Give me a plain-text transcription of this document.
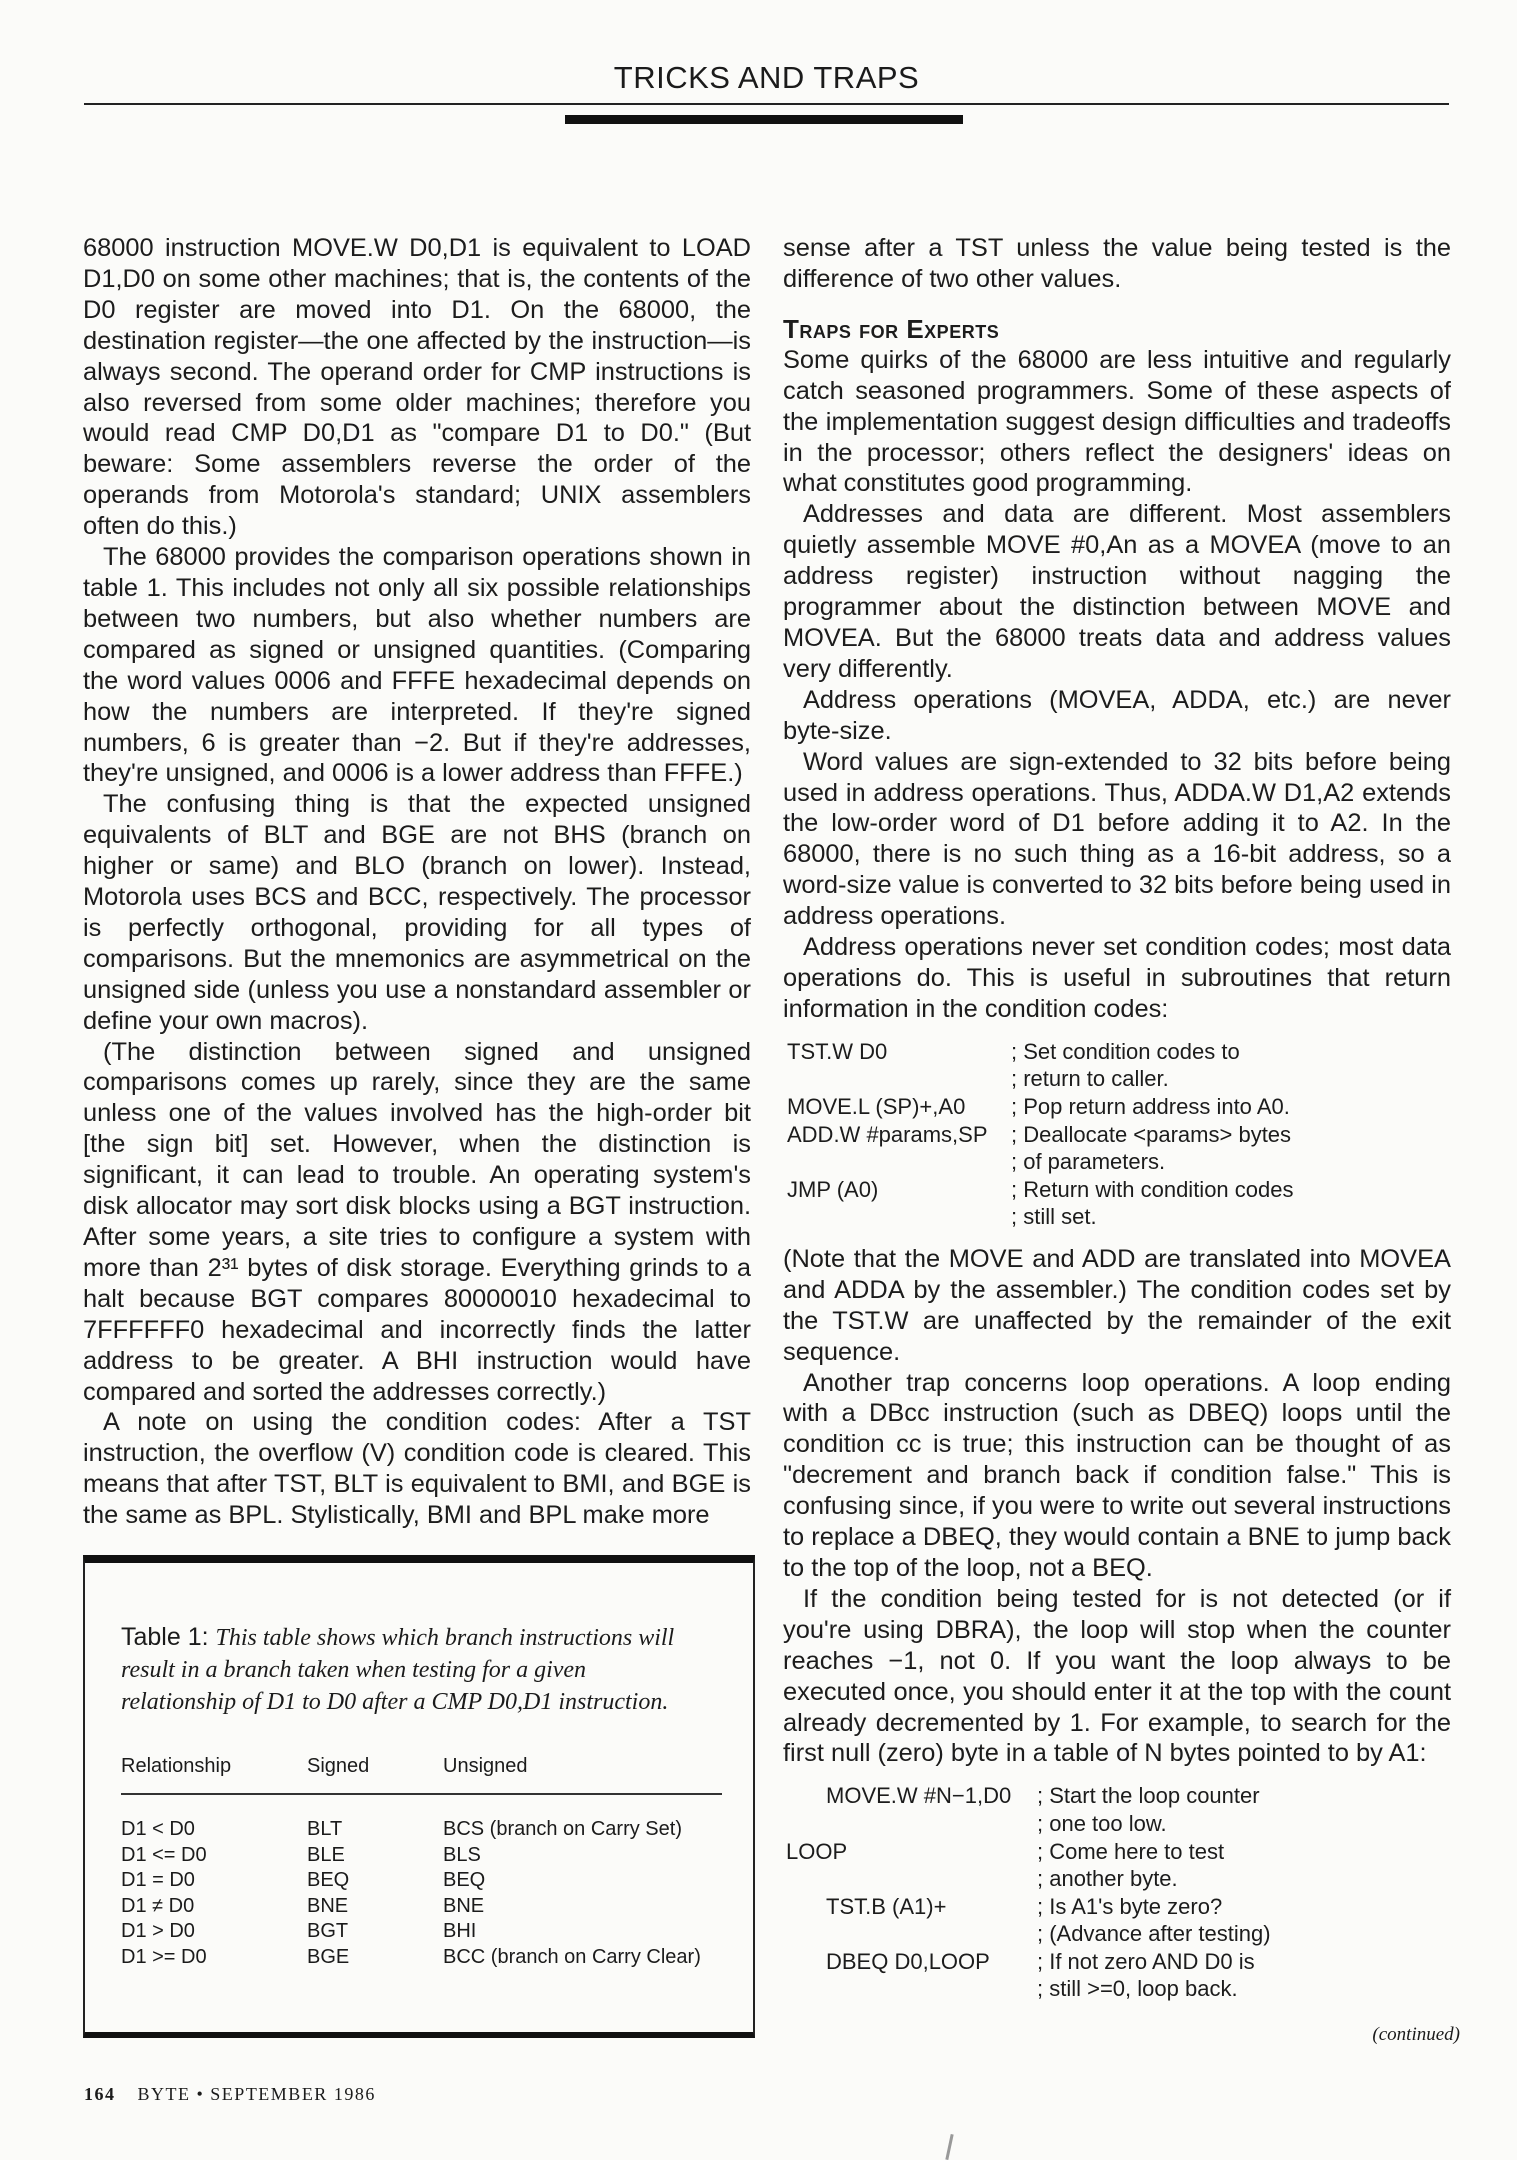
TRICKS AND TRAPS

68000 instruction MOVE.W D0,D1 is equivalent to LOAD D1,D0 on some other machines; that is, the contents of the D0 register are moved into D1. On the 68000, the destination register—the one affected by the instruction—is always second. The operand order for CMP instructions is also reversed from some older machines; therefore you would read CMP D0,D1 as "compare D1 to D0." (But beware: Some assemblers reverse the order of the operands from Motorola's standard; UNIX assemblers often do this.)

The 68000 provides the comparison operations shown in table 1. This includes not only all six possible relationships between two numbers, but also whether numbers are compared as signed or unsigned quantities. (Comparing the word values 0006 and FFFE hexadecimal depends on how the numbers are interpreted. If they're signed numbers, 6 is greater than −2. But if they're addresses, they're unsigned, and 0006 is a lower address than FFFE.)

The confusing thing is that the expected unsigned equivalents of BLT and BGE are not BHS (branch on higher or same) and BLO (branch on lower). Instead, Motorola uses BCS and BCC, respectively. The processor is perfectly orthogonal, providing for all types of comparisons. But the mnemonics are asymmetrical on the unsigned side (unless you use a nonstandard assembler or define your own macros).

(The distinction between signed and unsigned comparisons comes up rarely, since they are the same unless one of the values involved has the high-order bit [the sign bit] set. However, when the distinction is significant, it can lead to trouble. An operating system's disk allocator may sort disk blocks using a BGT instruction. After some years, a site tries to configure a system with more than 2³¹ bytes of disk storage. Everything grinds to a halt because BGT compares 80000010 hexadecimal to 7FFFFFF0 hexadecimal and incorrectly finds the latter address to be greater. A BHI instruction would have compared and sorted the addresses correctly.)

A note on using the condition codes: After a TST instruction, the overflow (V) condition code is cleared. This means that after TST, BLT is equivalent to BMI, and BGE is the same as BPL. Stylistically, BMI and BPL make more

Table 1: This table shows which branch instructions will result in a branch taken when testing for a given relationship of D1 to D0 after a CMP D0,D1 instruction.
Relationship	Signed	Unsigned
D1 < D0	BLT	BCS (branch on Carry Set)
D1 <= D0	BLE	BLS
D1 = D0	BEQ	BEQ
D1 ≠ D0	BNE	BNE
D1 > D0	BGT	BHI
D1 >= D0	BGE	BCC (branch on Carry Clear)

sense after a TST unless the value being tested is the difference of two other values.

Traps for Experts

Some quirks of the 68000 are less intuitive and regularly catch seasoned programmers. Some of these aspects of the implementation suggest design difficulties and tradeoffs in the processor; others reflect the designers' ideas on what constitutes good programming.

Addresses and data are different. Most assemblers quietly assemble MOVE #0,An as a MOVEA (move to an address register) instruction without nagging the programmer about the distinction between MOVE and MOVEA. But the 68000 treats data and address values very differently.

Address operations (MOVEA, ADDA, etc.) are never byte-size.

Word values are sign-extended to 32 bits before being used in address operations. Thus, ADDA.W D1,A2 extends the low-order word of D1 before adding it to A2. In the 68000, there is no such thing as a 16-bit address, so a word-size value is converted to 32 bits before being used in address operations.

Address operations never set condition codes; most data operations do. This is useful in subroutines that return information in the condition codes:

TST.W D0	; Set condition codes to
; return to caller.
MOVE.L (SP)+,A0	; Pop return address into A0.
ADD.W #params,SP	; Deallocate <params> bytes
; of parameters.
JMP (A0)	; Return with condition codes
; still set.

(Note that the MOVE and ADD are translated into MOVEA and ADDA by the assembler.) The condition codes set by the TST.W are unaffected by the remainder of the exit sequence.

Another trap concerns loop operations. A loop ending with a DBcc instruction (such as DBEQ) loops until the condition cc is true; this instruction can be thought of as "decrement and branch back if condition false." This is confusing since, if you were to write out several instructions to replace a DBEQ, they would contain a BNE to jump back to the top of the loop, not a BEQ.

If the condition being tested for is not detected (or if you're using DBRA), the loop will stop when the counter reaches −1, not 0. If you want the loop always to be executed once, you should enter it at the top with the count already decremented by 1. For example, to search for the first null (zero) byte in a table of N bytes pointed to by A1:

MOVE.W #N−1,D0	; Start the loop counter
; one too low.
LOOP	; Come here to test
; another byte.
TST.B (A1)+	; Is A1's byte zero?
; (Advance after testing)
DBEQ D0,LOOP	; If not zero AND D0 is
; still >=0, loop back.
(continued)
164 BYTE • SEPTEMBER 1986
